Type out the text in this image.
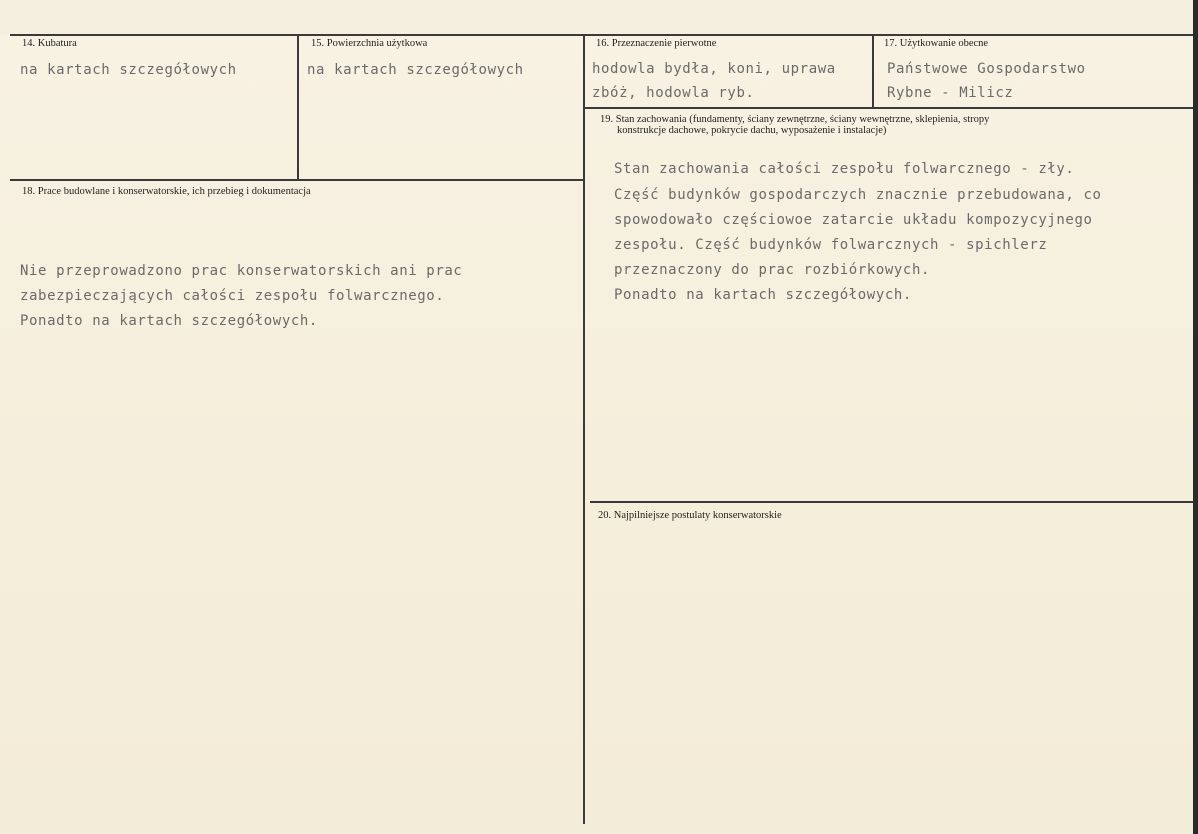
14. Kubatura
na kartach szczegółowych
15. Powierzchnia użytkowa
na kartach szczegółowych
16. Przeznaczenie pierwotne
hodowla bydła, koni, uprawa
zbóż, hodowla ryb.
17. Użytkowanie obecne
Państwowe Gospodarstwo
Rybne - Milicz
18. Prace budowlane i konserwatorskie, ich przebieg i dokumentacja
Nie przeprowadzono prac konserwatorskich ani prac
zabezpieczających całości zespołu folwarcznego.
Ponadto na kartach szczegółowych.
19. Stan zachowania (fundamenty, ściany zewnętrzne, ściany wewnętrzne, sklepienia, stropy
konstrukcje dachowe, pokrycie dachu, wyposażenie i instalacje)
Stan zachowania całości zespołu folwarcznego - zły.
Część budynków gospodarczych znacznie przebudowana, co
spowodowało częściowoe zatarcie układu kompozycyjnego
zespołu. Część budynków folwarcznych - spichlerz
przeznaczony do prac rozbiórkowych.
Ponadto na kartach szczegółowych.
20. Najpilniejsze postulaty konserwatorskie
